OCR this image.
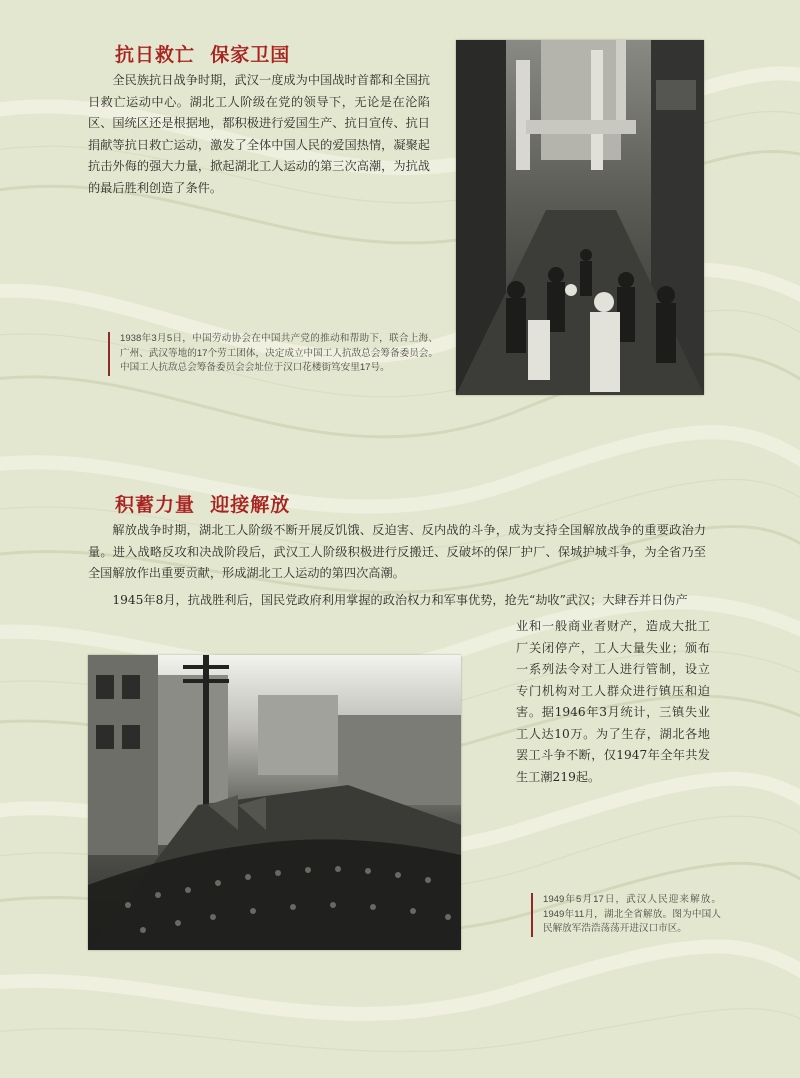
抗日救亡  保家卫国

全民族抗日战争时期，武汉一度成为中国战时首都和全国抗日救亡运动中心。湖北工人阶级在党的领导下，无论是在沦陷区、国统区还是根据地，都积极进行爱国生产、抗日宣传、抗日捐献等抗日救亡运动，激发了全体中国人民的爱国热情，凝聚起抗击外侮的强大力量，掀起湖北工人运动的第三次高潮，为抗战的最后胜利创造了条件。

1938年3月5日，中国劳动协会在中国共产党的推动和帮助下，联合上海、广州、武汉等地的17个劳工团体，决定成立中国工人抗敌总会筹备委员会。中国工人抗敌总会筹备委员会会址位于汉口花楼街笃安里17号。
积蓄力量  迎接解放

解放战争时期，湖北工人阶级不断开展反饥饿、反迫害、反内战的斗争，成为支持全国解放战争的重要政治力量。进入战略反攻和决战阶段后，武汉工人阶级积极进行反搬迁、反破坏的保厂护厂、保城护城斗争，为全省乃至全国解放作出重要贡献，形成湖北工人运动的第四次高潮。

1945年8月，抗战胜利后，国民党政府利用掌握的政治权力和军事优势，抢先“劫收”武汉；大肆吞并日伪产

业和一般商业者财产，造成大批工厂关闭停产，工人大量失业；颁布一系列法令对工人进行管制，设立专门机构对工人群众进行镇压和迫害。据1946年3月统计，三镇失业工人达10万。为了生存，湖北各地罢工斗争不断，仅1947年全年共发生工潮219起。

1949年5月17日，武汉人民迎来解放。1949年11月，湖北全省解放。图为中国人民解放军浩浩荡荡开进汉口市区。
